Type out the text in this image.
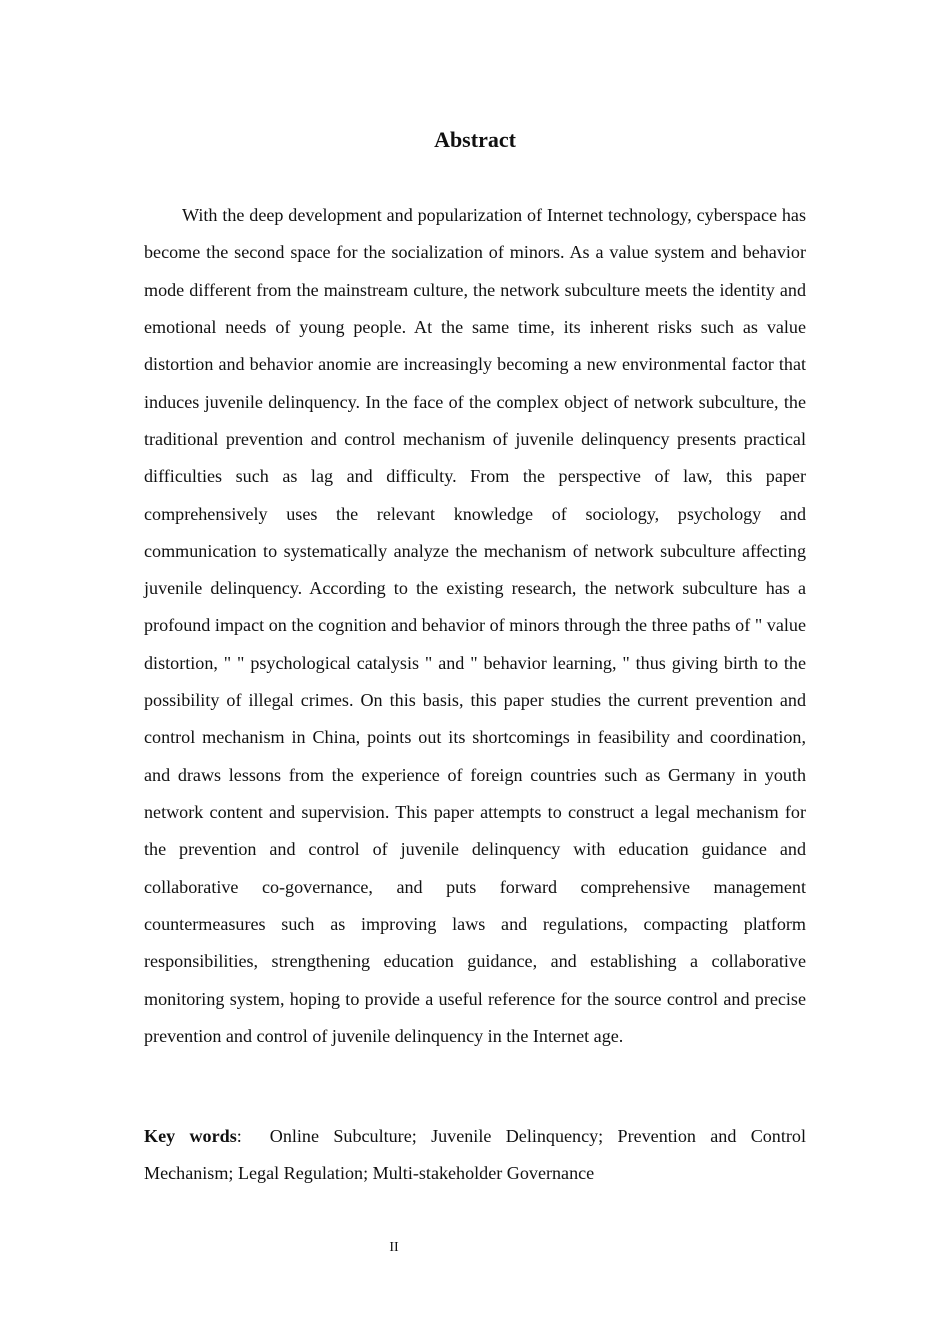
Abstract

With the deep development and popularization of Internet technology, cyberspace has become the second space for the socialization of minors. As a value system and behavior mode different from the mainstream culture, the network subculture meets the identity and emotional needs of young people. At the same time, its inherent risks such as value distortion and behavior anomie are increasingly becoming a new environmental factor that induces juvenile delinquency. In the face of the complex object of network subculture, the traditional prevention and control mechanism of juvenile delinquency presents practical difficulties such as lag and difficulty. From the perspective of law, this paper comprehensively uses the relevant knowledge of sociology, psychology and communication to systematically analyze the mechanism of network subculture affecting juvenile delinquency. According to the existing research, the network subculture has a profound impact on the cognition and behavior of minors through the three paths of " value distortion, " " psychological catalysis " and " behavior learning, " thus giving birth to the possibility of illegal crimes. On this basis, this paper studies the current prevention and control mechanism in China, points out its shortcomings in feasibility and coordination, and draws lessons from the experience of foreign countries such as Germany in youth network content and supervision. This paper attempts to construct a legal mechanism for the prevention and control of juvenile delinquency with education guidance and collaborative co-governance, and puts forward comprehensive management countermeasures such as improving laws and regulations, compacting platform responsibilities, strengthening education guidance, and establishing a collaborative monitoring system, hoping to provide a useful reference for the source control and precise prevention and control of juvenile delinquency in the Internet age.

Key words: Online Subculture; Juvenile Delinquency; Prevention and Control Mechanism; Legal Regulation; Multi-stakeholder Governance

II
